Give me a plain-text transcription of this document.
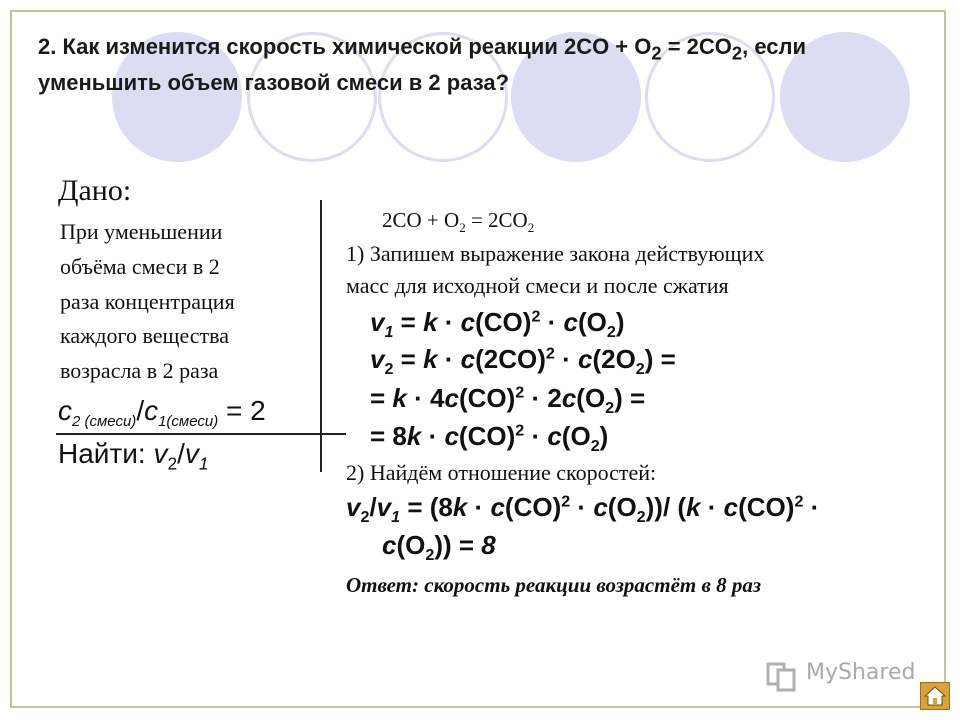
2. Как изменится скорость химической реакции $2CO + O_2 = 2CO_2$, если
уменьшить объем газовой смеси в 2 раза?
Дано:
При уменьшении
объёма смеси в 2
раза концентрация
каждого вещества
возрасла в 2 раза
$c_{2 (смеси)}/c_{1(смеси)} = 2$
Найти: $v_2/v_1$
$2CO + O_2 = 2CO_2$
1) Запишем выражение закона действующих
масс для исходной смеси и после сжатия
$v_1 = k \cdot c(CO)^2 \cdot c(O_2)$
$v_2 = k \cdot c(2CO)^2 \cdot c(2O_2)$ =
= $k \cdot 4c(CO)^2 \cdot 2c(O_2)$ =
= $8k \cdot c(CO)^2 \cdot c(O_2)$
2) Найдём отношение скоростей:
$v_2/v_1 = (8k \cdot c(CO)^2 \cdot c(O_2))/$ (k · c(CO)$^2$ ·
$c(O_2)) = 8$
Ответ: скорость реакции возрастёт в 8 раз
MyShared
